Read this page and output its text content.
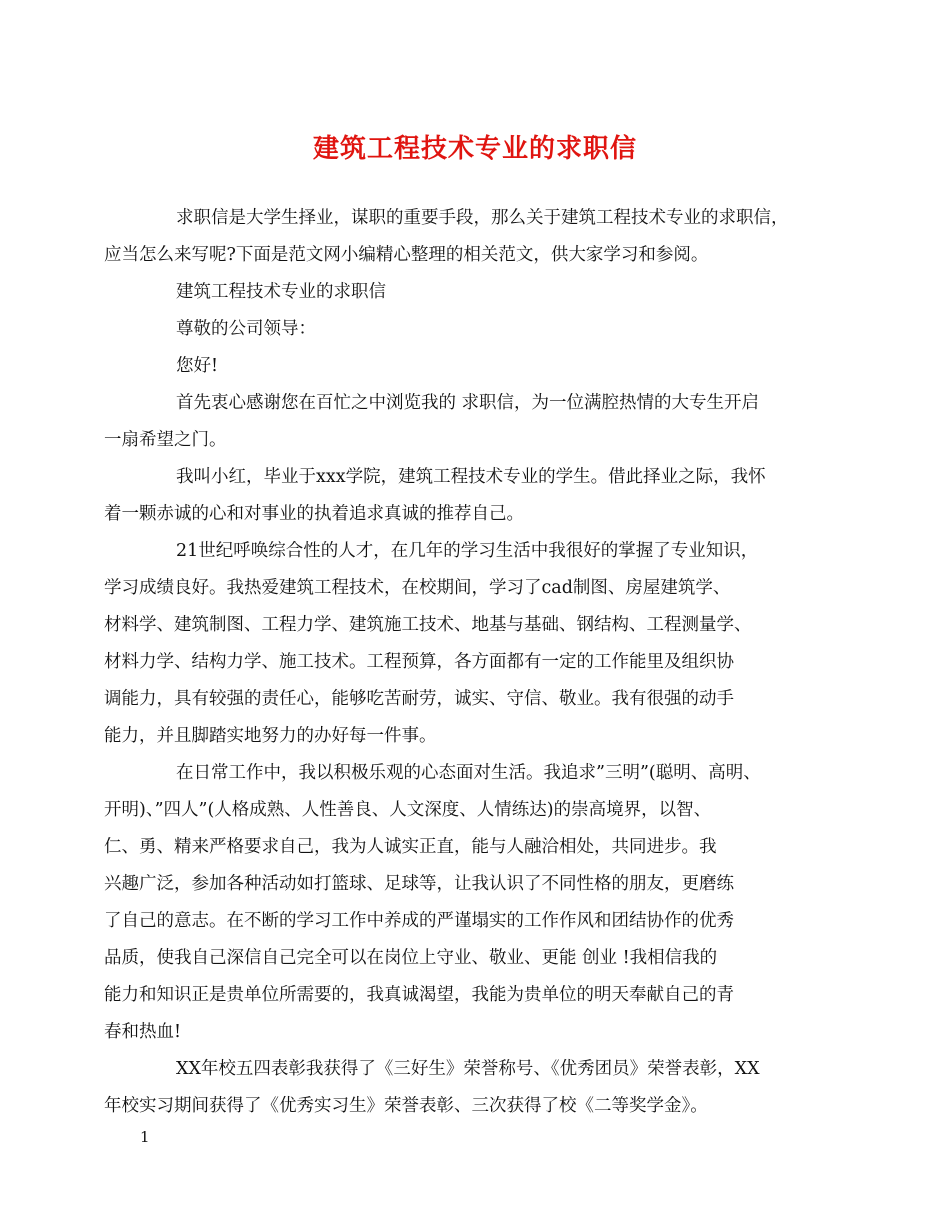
建筑工程技术专业的求职信

求职信是大学生择业，谋职的重要手段，那么关于建筑工程技术专业的求职信，
应当怎么来写呢?下面是范文网小编精心整理的相关范文，供大家学习和参阅。

建筑工程技术专业的求职信

尊敬的公司领导：

您好!

首先衷心感谢您在百忙之中浏览我的 求职信，为一位满腔热情的大专生开启
一扇希望之门。

我叫小红，毕业于xxx学院，建筑工程技术专业的学生。借此择业之际，我怀
着一颗赤诚的心和对事业的执着追求真诚的推荐自己。

21世纪呼唤综合性的人才，在几年的学习生活中我很好的掌握了专业知识，
学习成绩良好。我热爱建筑工程技术，在校期间，学习了cad制图、房屋建筑学、
材料学、建筑制图、工程力学、建筑施工技术、地基与基础、钢结构、工程测量学、
材料力学、结构力学、施工技术。工程预算，各方面都有一定的工作能里及组织协
调能力，具有较强的责任心，能够吃苦耐劳，诚实、守信、敬业。我有很强的动手
能力，并且脚踏实地努力的办好每一件事。

在日常工作中，我以积极乐观的心态面对生活。我追求”三明”(聪明、高明、
开明)、”四人”(人格成熟、人性善良、人文深度、人情练达)的崇高境界，以智、
仁、勇、精来严格要求自己，我为人诚实正直，能与人融洽相处，共同进步。我
兴趣广泛，参加各种活动如打篮球、足球等，让我认识了不同性格的朋友，更磨练
了自己的意志。在不断的学习工作中养成的严谨塌实的工作作风和团结协作的优秀
品质，使我自己深信自己完全可以在岗位上守业、敬业、更能 创业 !我相信我的
能力和知识正是贵单位所需要的，我真诚渴望，我能为贵单位的明天奉献自己的青
春和热血!

XX年校五四表彰我获得了《三好生》荣誉称号、《优秀团员》荣誉表彰，XX
年校实习期间获得了《优秀实习生》荣誉表彰、三次获得了校《二等奖学金》。

1
